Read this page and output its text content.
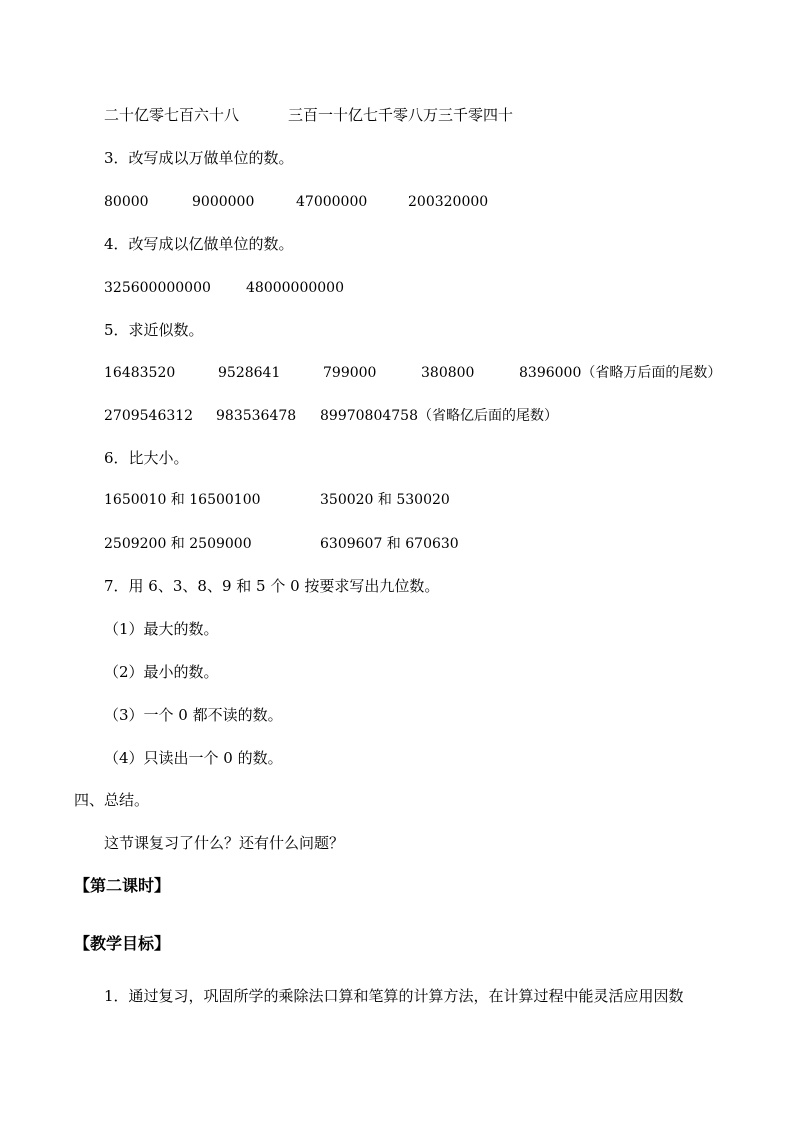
二十亿零七百六十八	三百一十亿七千零八万三千零四十
3．改写成以万做单位的数。
80000	9000000	47000000	200320000
4．改写成以亿做单位的数。
325600000000	48000000000
5．求近似数。
16483520	9528641	799000	380800	8396000（省略万后面的尾数）
2709546312 983536478 89970804758（省略亿后面的尾数）
6．比大小。
1650010 和 16500100	350020 和 530020
2509200 和 2509000	6309607 和 670630
7．用 6、3、8、9 和 5 个 0 按要求写出九位数。
（1）最大的数。
（2）最小的数。
（3）一个 0 都不读的数。
（4）只读出一个 0 的数。
四、总结。
这节课复习了什么？还有什么问题？
【第二课时】
【教学目标】
1．通过复习，巩固所学的乘除法口算和笔算的计算方法，在计算过程中能灵活应用因数
